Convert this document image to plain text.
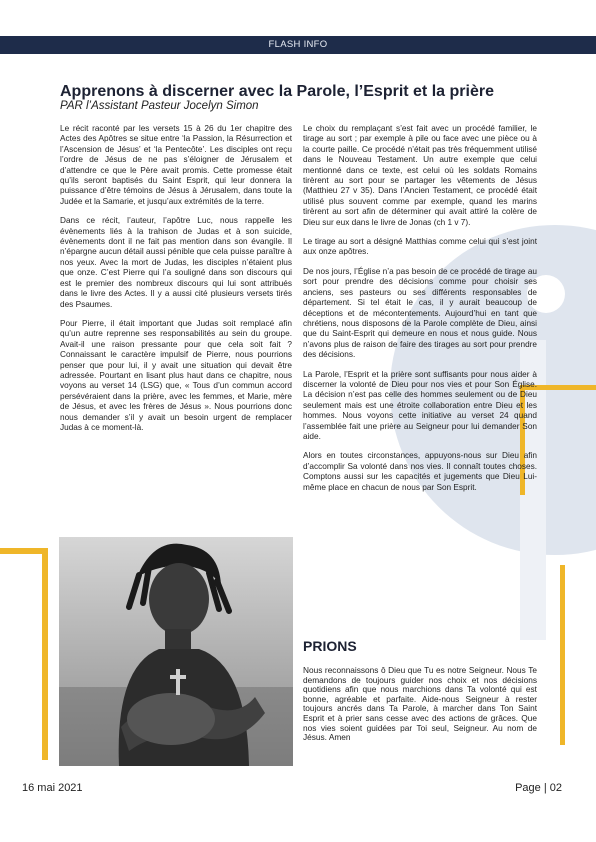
FLASH INFO
Apprenons à discerner avec la Parole, l’Esprit et la prière
PAR l’Assistant Pasteur Jocelyn Simon

Le récit raconté par les versets 15 à 26 du 1er chapitre des Actes des Apôtres se situe entre ‘la Passion, la Résurrection et l’Ascension de Jésus’ et ‘la Pentecôte’. Les disciples ont reçu l’ordre de Jésus de ne pas s’éloigner de Jérusalem et d’attendre ce que le Père avait promis. Cette promesse était qu’ils seront baptisés du Saint Esprit, qui leur donnera la puissance d’être témoins de Jésus à Jérusalem, dans toute la Judée et la Samarie, et jusqu’aux extrémités de la terre.

Dans ce récit, l’auteur, l’apôtre Luc, nous rappelle les évènements liés à la trahison de Judas et à son suicide, évènements dont il ne fait pas mention dans son évangile. Il n’épargne aucun détail aussi pénible que cela puisse paraître à nos yeux. Avec la mort de Judas, les disciples n’étaient plus que onze. C’est Pierre qui l’a souligné dans son discours qui est le premier des nombreux discours qui lui sont attribués dans le livre des Actes. Il y a aussi cité plusieurs versets tirés des Psaumes.

Pour Pierre, il était important que Judas soit remplacé afin qu’un autre reprenne ses responsabilités au sein du groupe. Avait-il une raison pressante pour que cela soit fait ? Connaissant le caractère impulsif de Pierre, nous pourrions penser que pour lui, il y avait une situation qui devait être adressée. Pourtant en lisant plus haut dans ce chapitre, nous voyons au verset 14 (LSG) que, « Tous d’un commun accord persévéraient dans la prière, avec les femmes, et Marie, mère de Jésus, et avec les frères de Jésus ». Nous pourrions donc nous demander s’il y avait un besoin urgent de remplacer Judas à ce moment-là.

Le choix du remplaçant s’est fait avec un procédé familier, le tirage au sort ; par exemple à pile ou face avec une pièce ou à la courte paille. Ce procédé n’était pas très fréquemment utilisé dans le Nouveau Testament. Un autre exemple que celui mentionné dans ce texte, est celui où les soldats Romains tirèrent au sort pour se partager les vêtements de Jésus (Matthieu 27 v 35). Dans l’Ancien Testament, ce procédé était utilisé plus souvent comme par exemple, quand les marins tirèrent au sort afin de déterminer qui avait attiré la colère de Dieu sur eux dans le livre de Jonas (ch 1 v 7).

Le tirage au sort a désigné Matthias comme celui qui s’est joint aux onze apôtres.

De nos jours, l’Église n’a pas besoin de ce procédé de tirage au sort pour prendre des décisions comme pour choisir ses anciens, ses pasteurs ou ses différents responsables de département. Si tel était le cas, il y aurait beaucoup de déceptions et de mécontentements. Aujourd’hui en tant que chrétiens, nous disposons de la Parole complète de Dieu, ainsi que du Saint-Esprit qui demeure en nous et nous guide. Nous n’avons plus de raison de faire des tirages au sort pour prendre des décisions.

La Parole, l’Esprit et la prière sont suffisants pour nous aider à discerner la volonté de Dieu pour nos vies et pour Son Église. La décision n’est pas celle des hommes seulement ou de Dieu seulement mais est une étroite collaboration entre Dieu et les hommes. Nous voyons cette initiative au verset 24 quand l’assemblée fait une prière au Seigneur pour lui demander Son aide.

Alors en toutes circonstances, appuyons-nous sur Dieu afin d’accomplir Sa volonté dans nos vies. Il connaît toutes choses. Comptons aussi sur les capacités et jugements que Dieu Lui-même place en chacun de nous par Son Esprit.

PRIONS
Nous reconnaissons ô Dieu que Tu es notre Seigneur. Nous Te demandons de toujours guider nos choix et nos décisions quotidiens afin que nous marchions dans Ta volonté qui est bonne, agréable et parfaite. Aide-nous Seigneur à rester toujours ancrés dans Ta Parole, à marcher dans Ton Saint Esprit et à prier sans cesse avec des actions de grâces. Que nos vies soient guidées par Toi seul, Seigneur. Au nom de Jésus. Amen
16 mai 2021	Page | 02
